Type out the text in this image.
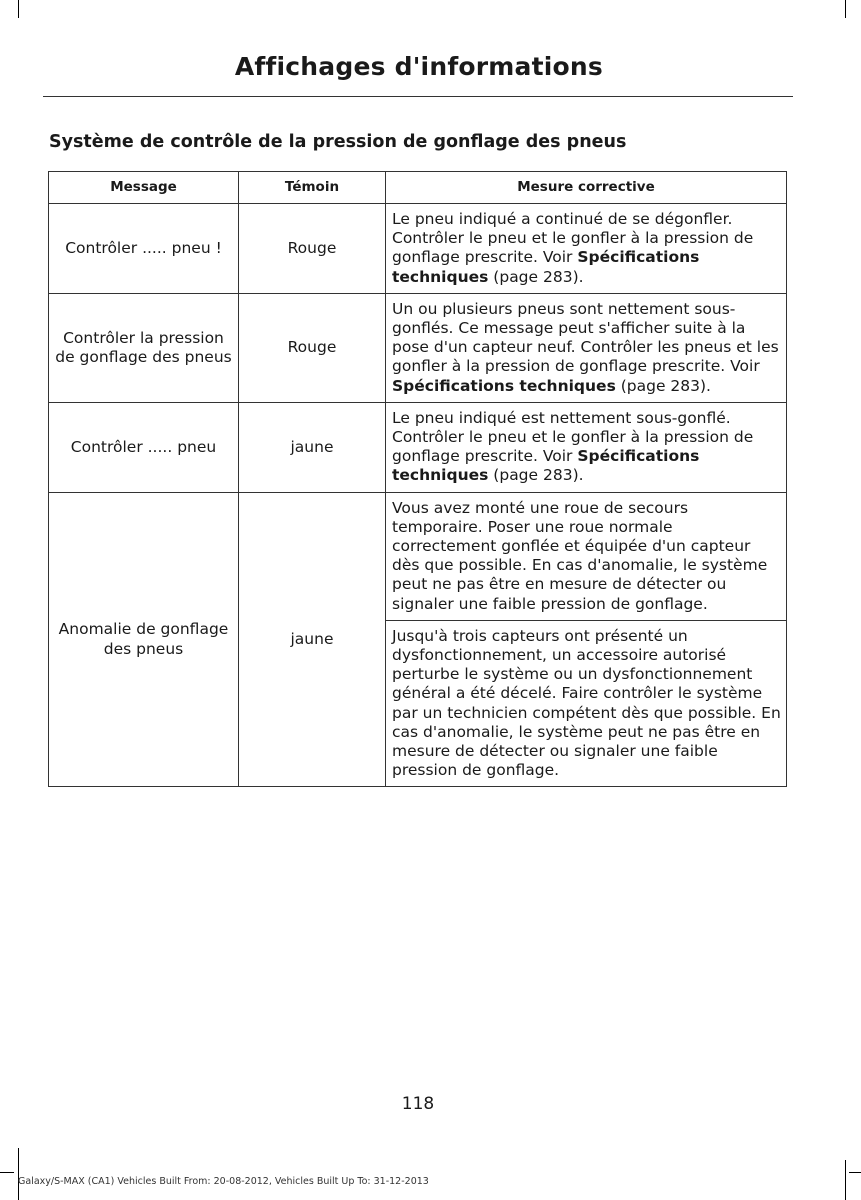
Affichages d'informations
Système de contrôle de la pression de gonflage des pneus
Message	Témoin	Mesure corrective
Contrôler ..... pneu !	Rouge	Le pneu indiqué a continué de se dégonfler. Contrôler le pneu et le gonfler à la pression de gonflage prescrite. Voir Spécifications techniques (page 283).
Contrôler la pression de gonflage des pneus	Rouge	Un ou plusieurs pneus sont nettement sous-gonflés. Ce message peut s'afficher suite à la pose d'un capteur neuf. Contrôler les pneus et les gonfler à la pression de gonflage prescrite. Voir Spécifications techniques (page 283).
Contrôler ..... pneu	jaune	Le pneu indiqué est nettement sous-gonflé. Contrôler le pneu et le gonfler à la pression de gonflage prescrite. Voir Spécifications techniques (page 283).
Anomalie de gonflage des pneus	jaune	Vous avez monté une roue de secours temporaire. Poser une roue normale correctement gonflée et équipée d'un capteur dès que possible. En cas d'anomalie, le système peut ne pas être en mesure de détecter ou signaler une faible pression de gonflage.
		Jusqu'à trois capteurs ont présenté un dysfonctionnement, un accessoire autorisé perturbe le système ou un dysfonctionnement général a été décelé. Faire contrôler le système par un technicien compétent dès que possible. En cas d'anomalie, le système peut ne pas être en mesure de détecter ou signaler une faible pression de gonflage.
118
Galaxy/S-MAX (CA1) Vehicles Built From: 20-08-2012, Vehicles Built Up To: 31-12-2013
